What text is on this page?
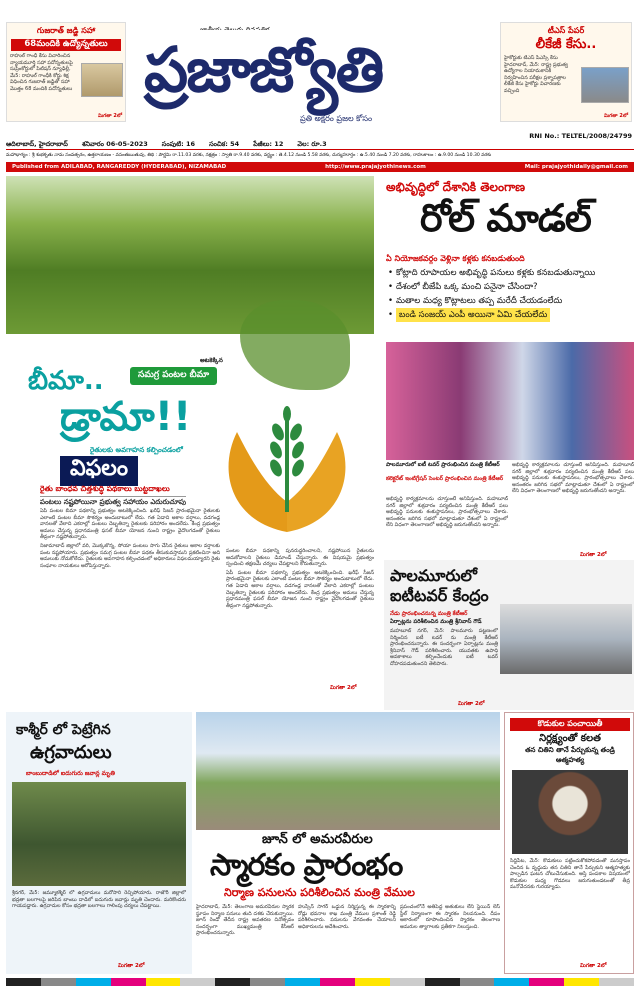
గుజరాత్ జడ్జి సహా
68మందికి ఉద్యోన్నతులు
రాహుల్ గాంధీ కేసు విచారించిన న్యాయమూర్తి సహా పదోన్నతులపై సుప్రీంకోర్టులో పిటిషన్ న్యూఢిల్లీ, మే5: రాహుల్ గాంధీకి కోర్టు శిక్ష విధించిన గుజరాత్ జడ్జితో సహా మొత్తం 68 మందికి పదోన్నతులు
మిగతా 2లో
ప్రజాజ్యోతి
ప్రతి అక్షరం ప్రజల కోసం
టీఎస్ పేపర్
లీకేజీ కేసు..
హైకోర్టుకు టీఎస్ పీఎస్సీ కేసు హైదరాబాద్, మే5: రాష్ట్ర ప్రభుత్వ ఉద్యోగాల నియామకానికి నిర్వహించిన పరీక్షల ప్రశ్నాపత్రాల లీకేజీ కేసు హైకోర్టు విచారణకు వచ్చింది
మిగతా 2లో
RNI No.: TELTEL/2008/24799
ఆదిలాబాద్, హైదరాబాద్ శనివారం 06-05-2023 సంపుటి: 16 సంచిక: 54 పేజీలు: 12 వెల: రూ.3
మహాభాగ్యం : శ్రీ శుభకృతు నామ సంవత్సరం, ఉత్తరాయణం - వసంతఋతువు, తిథి : పౌర్ణమి రా.11.03 వరకు, నక్షత్రం : స్వాతి రా.9.40 వరకు, వర్జ్యం : తె.4.12 నుండి 5.58 వరకు, దుర్ముహూర్తం : ఉ.5.40 నుండి 7.20 వరకు, రాహుకాలం : ఉ.9.00 నుండి 10.30 వరకు
Published from ADILABAD, RANGAREDDY (HYDERABAD), NIZAMABAD	http://www.prajajyothinews.com	Mail: prajajyothidaily@gmail.com
అటకెక్కిన
సమగ్ర పంటల బీమా
బీమా..
డ్రామా!!
రైతులకు అవగాహన కల్పించడంలో
విఫలం
రైతు బాంధవ చిత్తశుద్ధి పథకాలు బుట్టదాఖలు
పంటలు నష్టపోయినా ప్రభుత్వ సహాయం ఎదురుచూపు

ఏపీ పంటల బీమా పథకాన్ని ప్రభుత్వం అటకెక్కించింది. ఖరీఫ్ సీజన్ ప్రారంభమైనా రైతులకు ఎలాంటి పంటల బీమా సౌకర్యం అందుబాటులో లేదు. గత ఏడాది అకాల వర్షాలు, వడగండ్ల వానలతో వేలాది ఎకరాల్లో పంటలు దెబ్బతిన్నా రైతులకు పరిహారం అందలేదు. కేంద్ర ప్రభుత్వం అమలు చేస్తున్న ప్రధానమంత్రి ఫసల్ బీమా యోజన నుంచి రాష్ట్రం వైదొలగడంతో రైతులు తీవ్రంగా నష్టపోతున్నారు.

నిజామాబాద్ జిల్లాలో వరి, మొక్కజొన్న, సోయా పంటలు సాగు చేసిన రైతులు అకాల వర్షాలకు పంట నష్టపోయారు. ప్రభుత్వం సమగ్ర పంటల బీమా పథకం తీసుకువస్తామని ప్రకటించినా అది అమలుకు నోచుకోలేదు. రైతులకు అవగాహన కల్పించడంలో అధికారులు విఫలమయ్యారని రైతు సంఘాల నాయకులు ఆరోపిస్తున్నారు.

పంటల బీమా పథకాన్ని పునరుద్ధరించాలని, నష్టపోయిన రైతులను ఆదుకోవాలని రైతులు డిమాండ్ చేస్తున్నారు. ఈ విషయమై ప్రభుత్వం స్పందించి తక్షణమే చర్యలు చేపట్టాలని కోరుతున్నారు.

ఏపీ పంటల బీమా పథకాన్ని ప్రభుత్వం అటకెక్కించింది. ఖరీఫ్ సీజన్ ప్రారంభమైనా రైతులకు ఎలాంటి పంటల బీమా సౌకర్యం అందుబాటులో లేదు. గత ఏడాది అకాల వర్షాలు, వడగండ్ల వానలతో వేలాది ఎకరాల్లో పంటలు దెబ్బతిన్నా రైతులకు పరిహారం అందలేదు. కేంద్ర ప్రభుత్వం అమలు చేస్తున్న ప్రధానమంత్రి ఫసల్ బీమా యోజన నుంచి రాష్ట్రం వైదొలగడంతో రైతులు తీవ్రంగా నష్టపోతున్నారు.

మిగతా 2లో
అభివృద్ధిలో దేశానికి తెలంగాణ
రోల్ మాడల్
ఏ నియోజకవర్గం వెళ్లినా కళ్లకు కనబడుతుంది
• కోట్లాది రూపాయల అభివృద్ధి పనులు కళ్లకు కనబడుతున్నాయి
• దేశంలో బీజేపి ఒక్క మంచి పనైనా చేసిందా?
• మతాల మధ్య కొట్లాటలు తప్ప మరేదీ చేయడంలేదు
• బండి సంజయ్ ఎంపీ అయినా ఏమి చేయలేదు
పాలమూరులో ఐటీ టవర్ ప్రారంభించిన మంత్రి కేటీఆర్
కలెక్టరేట్ ఇంటిగ్రేషన్ సెంటర్ ప్రారంభించిన మంత్రి కేటీఆర్

అభివృద్ధి కార్యక్రమాలను చూస్తుంటే అనిపిస్తుంది. మహబూబ్ నగర్ జిల్లాలో శుక్రవారం పర్యటించిన మంత్రి కేటీఆర్ పలు అభివృద్ధి పనులకు శంకుస్థాపనలు, ప్రారంభోత్సవాలు చేశారు. అనంతరం జరిగిన సభలో మాట్లాడుతూ దేశంలో ఏ రాష్ట్రంలో లేని విధంగా తెలంగాణలో అభివృద్ధి జరుగుతోందని అన్నారు.

అభివృద్ధి కార్యక్రమాలను చూస్తుంటే అనిపిస్తుంది. మహబూబ్ నగర్ జిల్లాలో శుక్రవారం పర్యటించిన మంత్రి కేటీఆర్ పలు అభివృద్ధి పనులకు శంకుస్థాపనలు, ప్రారంభోత్సవాలు చేశారు. అనంతరం జరిగిన సభలో మాట్లాడుతూ దేశంలో ఏ రాష్ట్రంలో లేని విధంగా తెలంగాణలో అభివృద్ధి జరుగుతోందని అన్నారు.

మిగతా 2లో
పాలమూరులో
ఐటీటవర్ కేంద్రం
నేడు ప్రారంభించనున్న మంత్రి కేటీఆర్
ఏర్పాట్లను పరిశీలించిన మంత్రి శ్రీనివాస్ గౌడ్

మహబూబ్ నగర్, మే5: పాలమూరు పట్టణంలో నిర్మించిన ఐటీ టవర్ ను మంత్రి కేటీఆర్ ప్రారంభించనున్నారు. ఈ సందర్భంగా ఏర్పాట్లను మంత్రి శ్రీనివాస్ గౌడ్ పరిశీలించారు. యువతకు ఉపాధి అవకాశాలు కల్పించేందుకు ఐటీ టవర్ దోహదపడుతుందని తెలిపారు.

మిగతా 2లో
కాశ్మీర్ లో పెట్రేగిన
ఉగ్రవాదులు
బాంబుదాడిలో ఐదుగురు జవాన్ల మృతి

శ్రీనగర్, మే5: జమ్మూకశ్మీర్ లో ఉగ్రవాదులు మరోసారి రెచ్చిపోయారు. రాజౌరీ జిల్లాలో భద్రతా బలగాలపై జరిపిన బాంబు దాడిలో ఐదుగురు జవాన్లు మృతి చెందారు. మరికొందరు గాయపడ్డారు. ఉగ్రవాదుల కోసం భద్రతా బలగాలు గాలింపు చర్యలు చేపట్టాయి.

మిగతా 2లో
జూన్ లో అమరవీరుల
స్మారకం ప్రారంభం
నిర్మాణ పనులను పరిశీలించిన మంత్రి వేముల

హైదరాబాద్, మే5: తెలంగాణ అమరవీరుల స్మారక స్థూపం నిర్మాణ పనులు తుది దశకు చేరుకున్నాయి. జూన్ రెండో తేదీన రాష్ట్ర అవతరణ దినోత్సవం సందర్భంగా ముఖ్యమంత్రి కేసీఆర్ ప్రారంభించనున్నారు.

హుస్సేన్ సాగర్ ఒడ్డున నిర్మిస్తున్న ఈ స్మారకాన్ని రోడ్లు భవనాల శాఖ మంత్రి వేముల ప్రశాంత్ రెడ్డి పరిశీలించారు. పనులను వేగవంతం చేయాలని అధికారులను ఆదేశించారు.

ప్రపంచంలోనే అతిపెద్ద అతుకులు లేని స్టెయిన్ లెస్ స్టీల్ నిర్మాణంగా ఈ స్మారకం నిలవనుంది. దీపం ఆకారంలో రూపొందించిన స్మారకం తెలంగాణ అమరుల త్యాగాలకు ప్రతీకగా నిలుస్తుంది.

కొడుకుల పంచాయితీ
నిర్లక్ష్యంతో కలత
తన చితిని తానే పేర్చుకున్న తండ్రి ఆత్మహత్య

సిద్దిపేట, మే5: కొడుకులు పట్టించుకోకపోవడంతో మనస్తాపం చెందిన ఓ వృద్ధుడు తన చితిని తానే పేర్చుకుని ఆత్మహత్యకు పాల్పడిన ఘటన చోటుచేసుకుంది. ఆస్తి పంపకాల విషయంలో కొడుకుల మధ్య గొడవలు జరుగుతుండటంతో తీవ్ర మనోవేదనకు గురయ్యాడు.

మిగతా 2లో
